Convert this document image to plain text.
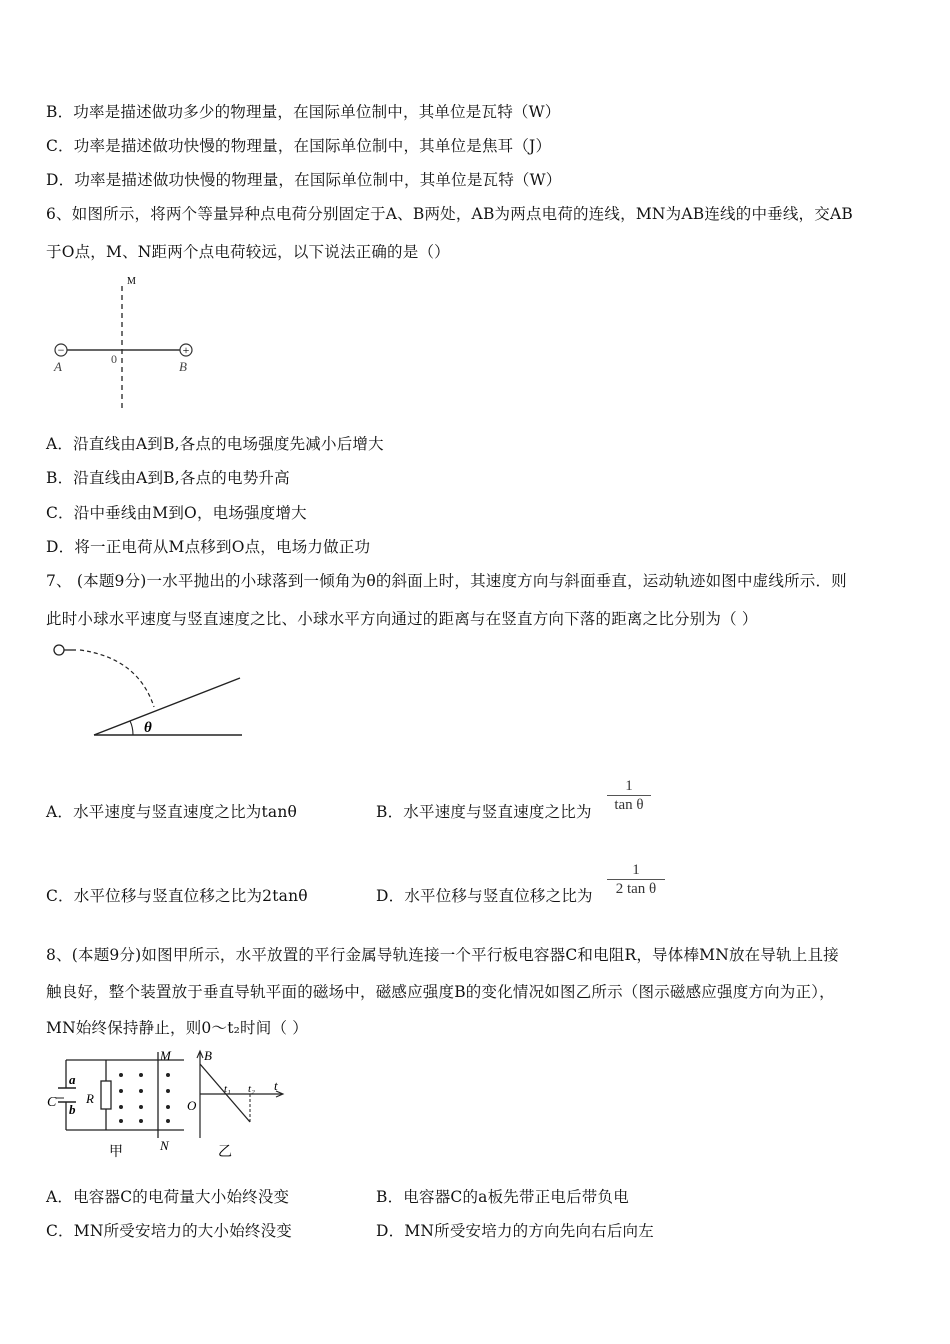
B．功率是描述做功多少的物理量，在国际单位制中，其单位是瓦特（W）
C．功率是描述做功快慢的物理量，在国际单位制中，其单位是焦耳（J）
D．功率是描述做功快慢的物理量，在国际单位制中，其单位是瓦特（W）
6、如图所示，将两个等量异种点电荷分别固定于A、B两处，AB为两点电荷的连线，MN为AB连线的中垂线，交AB
于O点，M、N距两个点电荷较远，以下说法正确的是（）
−	+
M
0
A	B
A．沿直线由A到B,各点的电场强度先减小后增大
B．沿直线由A到B,各点的电势升高
C．沿中垂线由M到O，电场强度增大
D．将一正电荷从M点移到O点，电场力做正功
7、 (本题9分)一水平抛出的小球落到一倾角为θ的斜面上时，其速度方向与斜面垂直，运动轨迹如图中虚线所示．则
此时小球水平速度与竖直速度之比、小球水平方向通过的距离与在竖直方向下落的距离之比分别为（ ）
θ
A．水平速度与竖直速度之比为tanθ	B．水平速度与竖直速度之比为
1
tan θ
C．水平位移与竖直位移之比为2tanθ	D．水平位移与竖直位移之比为
1
2 tan θ
8、(本题9分)如图甲所示，水平放置的平行金属导轨连接一个平行板电容器C和电阻R，导体棒MN放在导轨上且接
触良好，整个装置放于垂直导轨平面的磁场中，磁感应强度B的变化情况如图乙所示（图示磁感应强度方向为正），
MN始终保持静止，则0～t₂时间（ ）
a
b
C R
M
N
甲
B
O
t₁ t₂ t
乙
A．电容器C的电荷量大小始终没变	B．电容器C的a板先带正电后带负电
C．MN所受安培力的大小始终没变	D．MN所受安培力的方向先向右后向左
